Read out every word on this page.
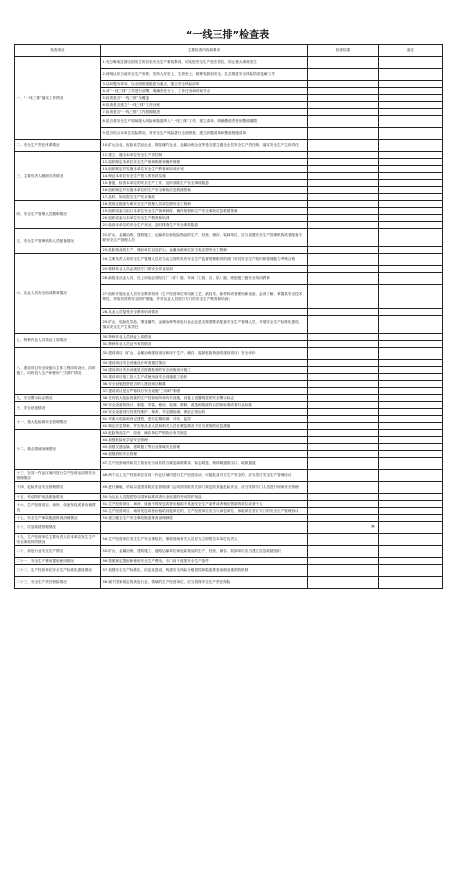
“一线三排”检查表
检查项目	主要检查内容和要求	检查结果	备注
一、“一线三排”落实工作情况	1.充分吸取近期全国发生的各类安全生产事故教训，切实把安全生产放在首位，防止重大事故发生		
	2.深刻认识当前安全生产形势，坚持人民至上、生命至上，统筹发展和安全，扎实推进安全风险防范化解工作		
	3.以问题为导向，以全面排查隐患为重点，建立安全风险清单		
	4.对“一线三排”工作进行部署，明确责任分工、工作任务和时间节点		
	5.检查是否“一线三排”全覆盖		
	6.检查是否建立“一线三排”工作台账		
	7.检查是否“一线三排”工作按期推进		
	8.是否将安全生产领域重大风险和隐患纳入“一线三排”工作，建立清单，明确整改责任和整改期限		
	9.是否结合本单位实际情况，对安全生产风险进行全面排查，建立问题清单和整改措施清单		
二、安全生产责任体系情况	10.矿山企业、危险化学品企业、烟花爆竹企业、金属冶炼企业等是否建立健全全员安全生产责任制，落实安全生产主体责任		
三、主要负责人履职尽责情况	11.建立、健全本单位安全生产责任制		
	12.组织制定本单位安全生产规章制度和操作规程		
	13.组织制定并实施本单位安全生产教育和培训计划		
	14.保证本单位安全生产投入的有效实施		
	15.督促、检查本单位的安全生产工作，及时消除生产安全事故隐患		
	16.组织制定并实施本单位的生产安全事故应急救援预案		
	17.及时、如实报告生产安全事故		
四、安全生产管理人员履职情况	18.按规定配备专职安全生产管理人员或注册安全工程师		
	19.组织或参与拟订本单位安全生产规章制度、操作规程和生产安全事故应急救援预案		
	20.组织或参与本单位安全生产教育和培训		
	21.检查本单位的安全生产状况，及时排查生产安全事故隐患		
五、安全生产管理机构人员配备情况	22.矿山、金属冶炼、建筑施工、运输单位和危险物品的生产、经营、储存、装卸单位，应当设置安全生产管理机构或者配备专职安全生产管理人员		
	23.危险物品的生产、储存单位以及矿山、金属冶炼单位应当有注册安全工程师		
六、从业人员安全培训教育情况	24.主要负责人和安全生产管理人员应当由主管的负有安全生产监督管理职责的部门对其安全生产知识和管理能力考核合格		
	25.特种作业人员必须经专门的安全作业培训		
	26.新招录从业人员，在上岗前必须经过厂（矿）级、车间（工段、区、队）级、班组级三级安全培训教育		
	27.组织开展从业人员安全教育培训（生产经营单位采用新工艺、新技术、新材料或者使用新设备，必须了解、掌握其安全技术特性，采取有效的安全防护措施，并对从业人员进行专门的安全生产教育和培训）		
	28.从业人员接受安全教育培训情况		
	29.矿山、危险化学品、烟花爆竹、金属冶炼等高危行业企业是否按照要求配备安全生产管理人员，开展安全生产标准化建设，落实安全生产主体责任		
七、特种作业人员持证上岗情况	30.特种作业人员持证上岗情况		
	31.特种作业人员证书有效情况		
八、建设项目安全设施与主体工程同时设计、同时施工、同时投入生产和使用“三同时”情况	32.建设项目（矿山、金属冶炼建设项目和用于生产、储存、装卸危险物品的建设项目）安全评价		
	33.建设项目安全设施设计审查通过情况		
	34.建设项目安全设施是否按照批准的安全设施设计施工		
	35.建设项目竣工投入生产或使用前安全设施竣工验收		
	36.安全设施投资是否纳入建设项目概算		
	37.建设项目是否严格执行安全设施“三同时”制度		
九、安全警示标志情况	38.在有较大危险因素的生产经营场所和有关设施、设备上设置明显的安全警示标志		
十、安全设备情况	39.安全设备的设计、制造、安装、使用、检测、维修、改造和报废符合国家标准或者行业标准		
	40.安全设备进行经常性维护、保养，并定期检测，保证正常运转		
十一、重大危险源安全管理情况	41.对重大危险源登记建档，进行定期检测、评估、监控		
	42.制定应急预案，并告知从业人员和相关人员在紧急情况下应当采取的应急措施		
十二、重点领域治理情况	43.危险物品生产、经营、储存单位严格执行有关规定		
	44.加强危险化学品安全管理		
	45.加强交通运输、建筑施工等行业领域安全管理		
	46.加强消防安全管理		
	47.生产经营场所和员工宿舍应当设有符合紧急疏散要求、标志明显、保持畅通的出口、疏散通道		
十三、在同一作业区域内进行生产经营活动的安全管理情况	48.两个以上生产经营单位在同一作业区域内进行生产经营活动，可能危及对方生产安全的，应当签订安全生产管理协议		
十四、危险作业安全管理情况	49.进行爆破、吊装以及国务院应急管理部门会同国务院有关部门规定的其他危险作业，应当安排专门人员进行现场安全管理		
十五、劳动防护用品配备情况	50.为从业人员提供符合国家标准或者行业标准的劳动防护用品		
十六、生产经营项目、场所、设备发包或者出租情况	51.生产经营项目、场所、设备不得发包或者出租给不具备安全生产条件或者相应资质的单位或者个人		
	52.生产经营项目、场所发包或者出租给其他单位的，生产经营单位应当与承包单位、承租单位签订专门的安全生产管理协议		
十七、安全生产事故隐患排查治理情况	53.建立健全生产安全事故隐患排查治理制度		
十八、应急救援管理情况		✕	
十九、生产经营单位主要负责人在本单位发生生产安全事故时的情况	54.生产经营单位发生生产安全事故后，事故现场有关人员应当立即报告本单位负责人		
二十、高危行业安全生产情况	55.矿山、金属冶炼、建筑施工、道路运输单位和危险物品的生产、经营、储存、装卸单位应当建立应急救援组织		
二十一、安全生产费用提取使用情况	56.按照规定提取和使用安全生产费用，专门用于改善安全生产条件		
二十二、生产经营单位安全生产标准化建设情况	57.加强安全生产标准化、信息化建设，构建安全风险分级管控和隐患排查治理双重预防机制		
二十三、安全生产责任保险情况	58.属于国家规定的高危行业、领域的生产经营单位，应当投保安全生产责任保险		
